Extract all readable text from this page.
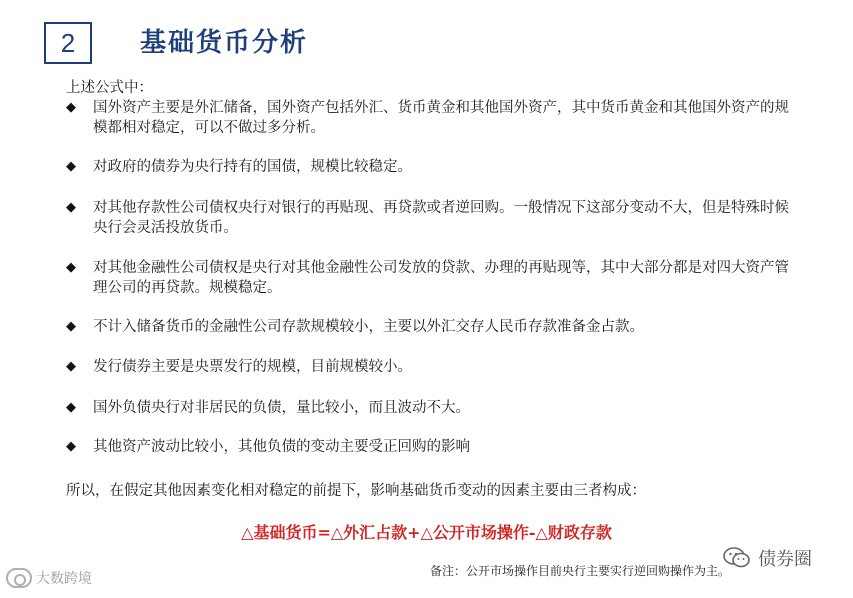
2 基础货币分析
上述公式中：
◆ 国外资产主要是外汇储备，国外资产包括外汇、货币黄金和其他国外资产，其中货币黄金和其他国外资产的规模都相对稳定，可以不做过多分析。
◆ 对政府的债券为央行持有的国债，规模比较稳定。
◆ 对其他存款性公司债权央行对银行的再贴现、再贷款或者逆回购。一般情况下这部分变动不大，但是特殊时候央行会灵活投放货币。
◆ 对其他金融性公司债权是央行对其他金融性公司发放的贷款、办理的再贴现等，其中大部分都是对四大资产管理公司的再贷款。规模稳定。
◆ 不计入储备货币的金融性公司存款规模较小，主要以外汇交存人民币存款准备金占款。
◆ 发行债券主要是央票发行的规模，目前规模较小。
◆ 国外负债央行对非居民的负债，量比较小，而且波动不大。
◆ 其他资产波动比较小，其他负债的变动主要受正回购的影响
所以，在假定其他因素变化相对稳定的前提下，影响基础货币变动的因素主要由三者构成：
△基础货币=△外汇占款+△公开市场操作-△财政存款
备注：公开市场操作目前央行主要实行逆回购操作为主。
大数跨境
债券圈
